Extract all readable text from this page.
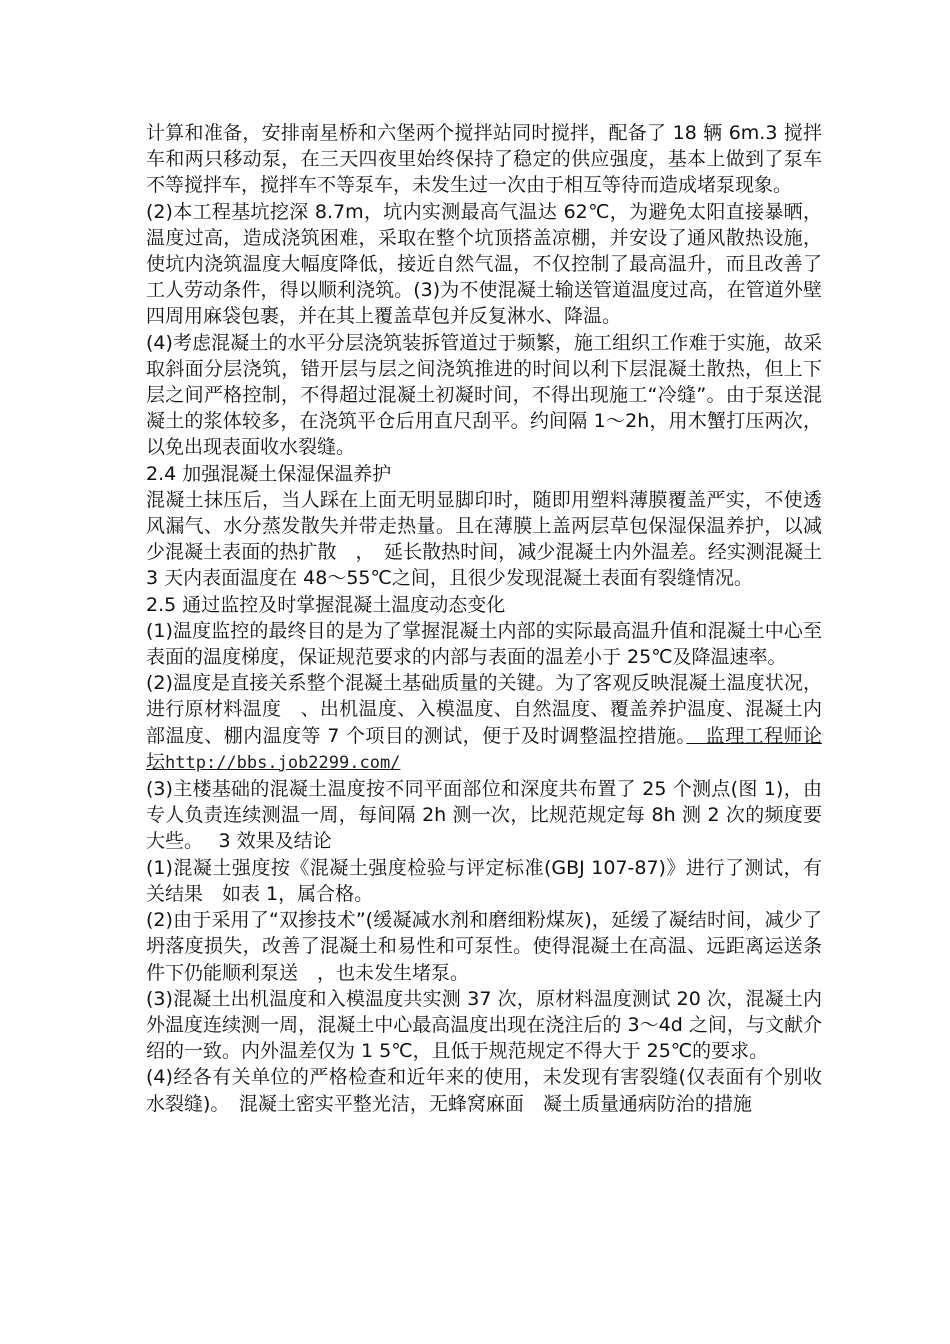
计算和准备，安排南星桥和六堡两个搅拌站同时搅拌，配备了 18 辆 6m.3 搅拌车和两只移动泵，在三天四夜里始终保持了稳定的供应强度，基本上做到了泵车不等搅拌车，搅拌车不等泵车，未发生过一次由于相互等待而造成堵泵现象。

(2)本工程基坑挖深 8.7m，坑内实测最高气温达 62℃，为避免太阳直接暴晒，温度过高，造成浇筑困难，采取在整个坑顶搭盖凉棚，并安设了通风散热设施，使坑内浇筑温度大幅度降低，接近自然气温，不仅控制了最高温升，而且改善了工人劳动条件，得以顺利浇筑。(3)为不使混凝土输送管道温度过高，在管道外壁四周用麻袋包裹，并在其上覆盖草包并反复淋水、降温。

(4)考虑混凝土的水平分层浇筑装拆管道过于频繁，施工组织工作难于实施，故采取斜面分层浇筑，错开层与层之间浇筑推进的时间以利下层混凝土散热，但上下层之间严格控制，不得超过混凝土初凝时间，不得出现施工“冷缝”。由于泵送混凝土的浆体较多，在浇筑平仓后用直尺刮平。约间隔 1～2h，用木蟹打压两次，以免出现表面收水裂缝。

2.4 加强混凝土保湿保温养护

混凝土抹压后，当人踩在上面无明显脚印时，随即用塑料薄膜覆盖严实，不使透风漏气、水分蒸发散失并带走热量。且在薄膜上盖两层草包保湿保温养护，以减少混凝土表面的热扩散　，　延长散热时间，减少混凝土内外温差。经实测混凝土 3 天内表面温度在 48～55℃之间，且很少发现混凝土表面有裂缝情况。

2.5 通过监控及时掌握混凝土温度动态变化

(1)温度监控的最终目的是为了掌握混凝土内部的实际最高温升值和混凝土中心至表面的温度梯度，保证规范要求的内部与表面的温差小于 25℃及降温速率。

(2)温度是直接关系整个混凝土基础质量的关键。为了客观反映混凝土温度状况，进行原材料温度　、出机温度、入模温度、自然温度、覆盖养护温度、混凝土内部温度、棚内温度等 7 个项目的测试，便于及时调整温控措施。　监理工程师论坛http://bbs.job2299.com/

(3)主楼基础的混凝土温度按不同平面部位和深度共布置了 25 个测点(图 1)，由专人负责连续测温一周，每间隔 2h 测一次，比规范规定每 8h 测 2 次的频度要大些。　 3 效果及结论

(1)混凝土强度按《混凝土强度检验与评定标准(GBJ 107-87)》进行了测试，有关结果　如表 1，属合格。

(2)由于采用了“双掺技术”(缓凝减水剂和磨细粉煤灰)，延缓了凝结时间，减少了坍落度损失，改善了混凝土和易性和可泵性。使得混凝土在高温、远距离运送条件下仍能顺利泵送　，也未发生堵泵。

(3)混凝土出机温度和入模温度共实测 37 次，原材料温度测试 20 次，混凝土内外温度连续测一周，混凝土中心最高温度出现在浇注后的 3～4d 之间，与文献介绍的一致。内外温差仅为 1 5℃，且低于规范规定不得大于 25℃的要求。

(4)经各有关单位的严格检查和近年来的使用，未发现有害裂缝(仅表面有个别收水裂缝)。　混凝土密实平整光洁，无蜂窝麻面　凝土质量通病防治的措施
